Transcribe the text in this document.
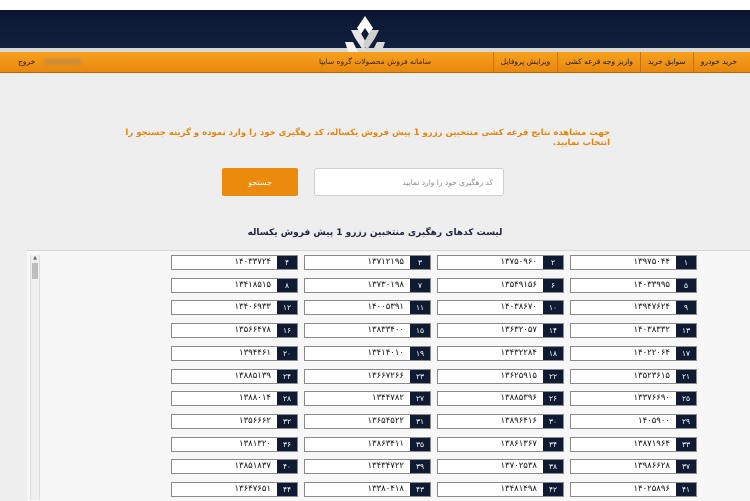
خرید خودرو
سوابق خرید
واریز وجه قرعه کشی
ویرایش پروفایل
سامانه فروش محصولات گروه سایپا
خروج
جهت مشاهده نتایج قرعه کشی منتخبین رزرو 1 پیش فروش یکساله، کد رهگیری خود را وارد نموده و گزینه جستجو را انتخاب نمایید.
جستجو
کد رهگیری خود را وارد نمایید
لیست کدهای رهگیری منتخبین رزرو 1 پیش فروش یکساله
▲	۱
۱۳۹۷۵۰۴۴
۲
۱۳۷۵۰۹۶۰
۳
۱۳۷۱۲۱۹۵
۴
۱۴۰۳۳۷۲۴
۵
۱۴۰۳۳۹۹۵
۶
۱۳۵۴۹۱۵۶
۷
۱۳۷۳۰۱۹۸
۸
۱۳۴۱۸۵۱۵
۹
۱۳۹۴۷۶۲۴
۱۰
۱۴۰۳۸۶۷۰
۱۱
۱۴۰۰۵۳۹۱
۱۲
۱۳۴۰۶۹۳۳
۱۳
۱۴۰۳۸۳۳۲
۱۴
۱۳۶۳۲۰۵۷
۱۵
۱۳۸۳۳۴۰۰
۱۶
۱۳۵۶۶۴۷۸
۱۷
۱۴۰۲۲۰۶۴
۱۸
۱۳۴۳۲۲۸۴
۱۹
۱۳۴۱۴۰۱۰
۲۰
۱۳۹۴۴۶۱
۲۱
۱۳۵۲۳۶۱۵
۲۲
۱۳۶۲۵۹۱۵
۲۳
۱۳۶۶۷۲۶۶
۲۴
۱۳۸۸۵۱۳۹
۲۵
۱۳۳۷۶۶۹۰
۲۶
۱۳۸۸۵۳۹۶
۲۷
۱۳۴۴۷۸۲
۲۸
۱۳۸۸۰۱۴
۲۹
۱۴۰۵۹۰۰
۳۰
۱۳۸۹۶۴۱۶
۳۱
۱۳۶۵۴۵۲۲
۳۲
۱۳۵۶۶۶۲
۳۳
۱۳۸۷۱۹۶۴
۳۴
۱۳۸۶۱۳۶۷
۳۵
۱۳۸۶۳۴۱۱
۳۶
۱۳۸۱۳۲۰
۳۷
۱۳۹۸۶۶۲۸
۳۸
۱۳۷۰۲۵۳۸
۳۹
۱۳۴۳۴۷۲۲
۴۰
۱۳۸۵۱۸۳۷
۴۱
۱۴۰۲۵۸۹۶
۴۲
۱۳۴۸۱۴۹۸
۴۳
۱۳۳۸۰۴۱۸
۴۴
۱۳۶۴۷۶۵۱
